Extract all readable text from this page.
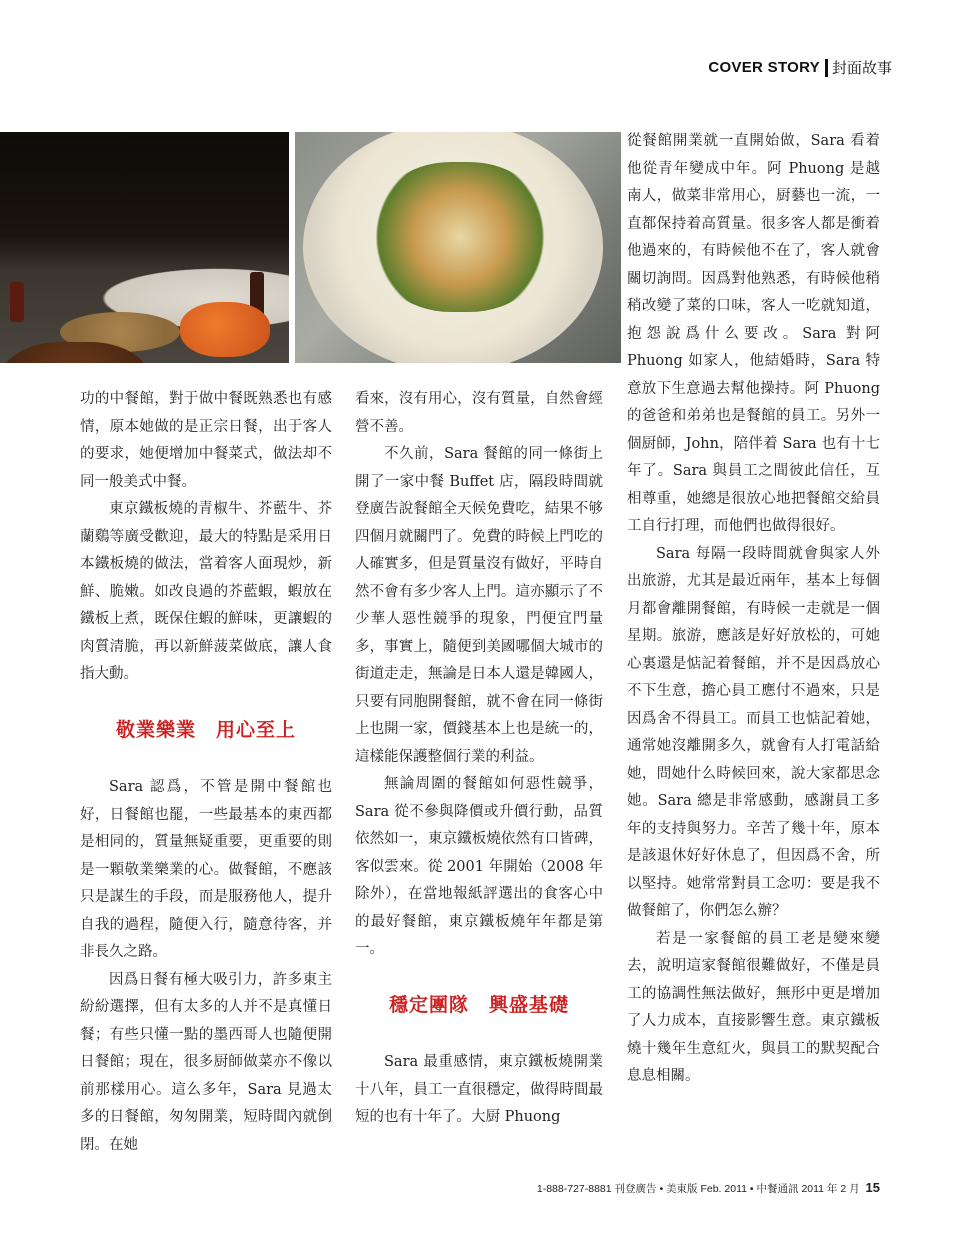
COVER STORY 封面故事

功的中餐館，對于做中餐既熟悉也有感情，原本她做的是正宗日餐，出于客人的要求，她便增加中餐菜式，做法却不同一般美式中餐。

東京鐵板燒的青椒牛、芥藍牛、芥蘭鷄等廣受歡迎，最大的特點是采用日本鐵板燒的做法，當着客人面現炒，新鮮、脆嫩。如改良過的芥藍蝦，蝦放在鐵板上煮，既保住蝦的鮮味，更讓蝦的肉質清脆，再以新鮮菠菜做底，讓人食指大動。

敬業樂業　用心至上

Sara 認爲，不管是開中餐館也好，日餐館也罷，一些最基本的東西都是相同的，質量無疑重要，更重要的則是一顆敬業樂業的心。做餐館，不應該只是謀生的手段，而是服務他人，提升自我的過程，隨便入行，隨意待客，并非長久之路。

因爲日餐有極大吸引力，許多東主紛紛選擇，但有太多的人并不是真懂日餐；有些只懂一點的墨西哥人也隨便開日餐館；現在，很多厨師做菜亦不像以前那樣用心。這么多年，Sara 見過太多的日餐館，匆匆開業，短時間內就倒閉。在她

看來，沒有用心，沒有質量，自然會經營不善。

不久前，Sara 餐館的同一條街上開了一家中餐 Buffet 店，隔段時間就登廣告說餐館全天候免費吃，結果不够四個月就關門了。免費的時候上門吃的人確實多，但是質量沒有做好，平時自然不會有多少客人上門。這亦顯示了不少華人惡性競爭的現象，門便宜門量多，事實上，隨便到美國哪個大城市的街道走走，無論是日本人還是韓國人，只要有同胞開餐館，就不會在同一條街上也開一家，價錢基本上也是統一的，這樣能保護整個行業的利益。

無論周圍的餐館如何惡性競爭，Sara 從不參與降價或升價行動，品質依然如一，東京鐵板燒依然有口皆碑，客似雲來。從 2001 年開始（2008 年除外），在當地報紙評選出的食客心中的最好餐館，東京鐵板燒年年都是第一。

穩定團隊　興盛基礎

Sara 最重感情，東京鐵板燒開業十八年，員工一直很穩定，做得時間最短的也有十年了。大厨 Phuong

從餐館開業就一直開始做，Sara 看着他從青年變成中年。阿 Phuong 是越南人，做菜非常用心，厨藝也一流，一直都保持着高質量。很多客人都是衝着他過來的，有時候他不在了，客人就會關切詢問。因爲對他熟悉，有時候他稍稍改變了菜的口味，客人一吃就知道，抱怨說爲什么要改。Sara 對阿 Phuong 如家人，他結婚時，Sara 特意放下生意過去幫他操持。阿 Phuong 的爸爸和弟弟也是餐館的員工。另外一個厨師，John，陪伴着 Sara 也有十七年了。Sara 與員工之間彼此信任，互相尊重，她總是很放心地把餐館交給員工自行打理，而他們也做得很好。

Sara 每隔一段時間就會與家人外出旅游，尤其是最近兩年，基本上每個月都會離開餐館，有時候一走就是一個星期。旅游，應該是好好放松的，可她心裏還是惦記着餐館，并不是因爲放心不下生意，擔心員工應付不過來，只是因爲舍不得員工。而員工也惦記着她，通常她沒離開多久，就會有人打電話給她，問她什么時候回來，說大家都思念她。Sara 總是非常感動，感謝員工多年的支持與努力。辛苦了幾十年，原本是該退休好好休息了，但因爲不舍，所以堅持。她常常對員工念叨：要是我不做餐館了，你們怎么辦？

若是一家餐館的員工老是變來變去，說明這家餐館很難做好，不僅是員工的協調性無法做好，無形中更是增加了人力成本，直接影響生意。東京鐵板燒十幾年生意紅火，與員工的默契配合息息相關。

1-888-727-8881 刊登廣告 • 美東版 Feb. 2011 • 中餐通訊 2011 年 2 月 15
